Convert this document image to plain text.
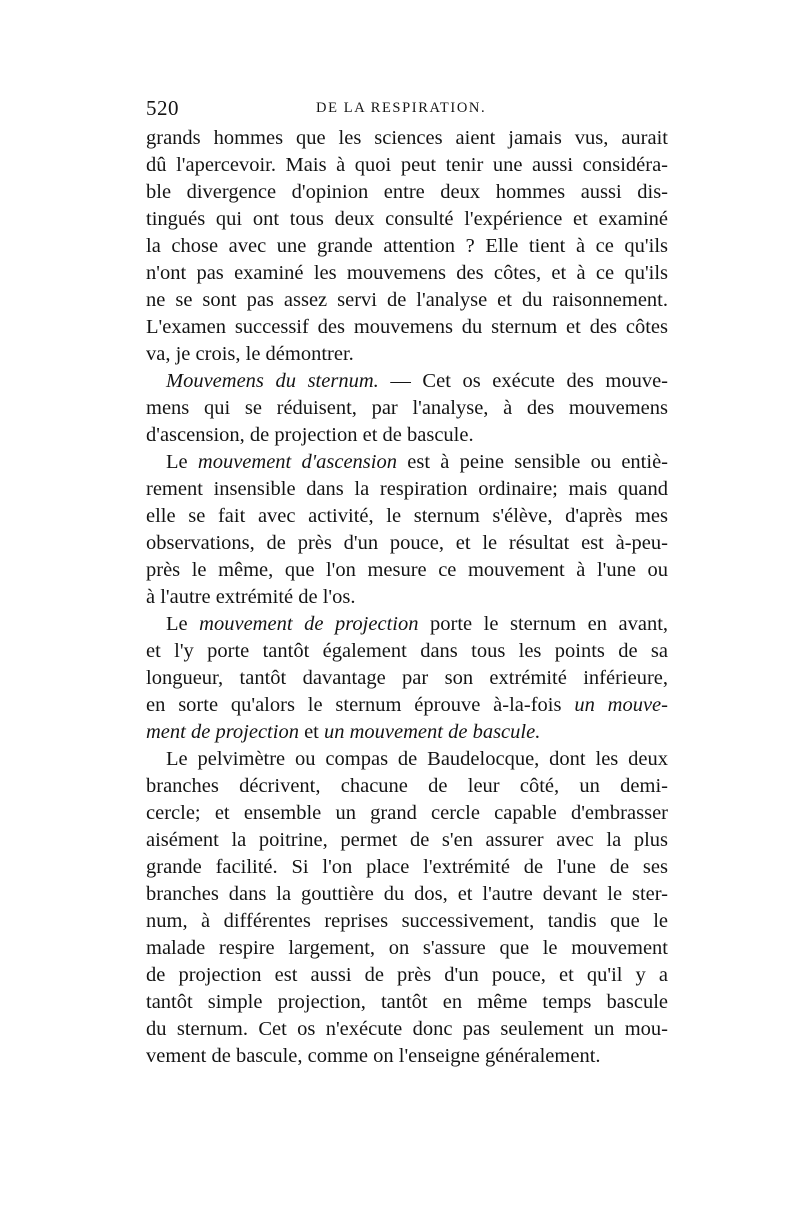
520	DE LA RESPIRATION.
grands hommes que les sciences aient jamais vus, aurait
dû l'apercevoir. Mais à quoi peut tenir une aussi considéra-
ble divergence d'opinion entre deux hommes aussi dis-
tingués qui ont tous deux consulté l'expérience et examiné
la chose avec une grande attention ? Elle tient à ce qu'ils
n'ont pas examiné les mouvemens des côtes, et à ce qu'ils
ne se sont pas assez servi de l'analyse et du raisonnement.
L'examen successif des mouvemens du sternum et des côtes
va, je crois, le démontrer.
Mouvemens du sternum. — Cet os exécute des mouve-
mens qui se réduisent, par l'analyse, à des mouvemens
d'ascension, de projection et de bascule.
Le mouvement d'ascension est à peine sensible ou entiè-
rement insensible dans la respiration ordinaire; mais quand
elle se fait avec activité, le sternum s'élève, d'après mes
observations, de près d'un pouce, et le résultat est à-peu-
près le même, que l'on mesure ce mouvement à l'une ou
à l'autre extrémité de l'os.
Le mouvement de projection porte le sternum en avant,
et l'y porte tantôt également dans tous les points de sa
longueur, tantôt davantage par son extrémité inférieure,
en sorte qu'alors le sternum éprouve à-la-fois un mouve-
ment de projection et un mouvement de bascule.
Le pelvimètre ou compas de Baudelocque, dont les deux
branches décrivent, chacune de leur côté, un demi-
cercle; et ensemble un grand cercle capable d'embrasser
aisément la poitrine, permet de s'en assurer avec la plus
grande facilité. Si l'on place l'extrémité de l'une de ses
branches dans la gouttière du dos, et l'autre devant le ster-
num, à différentes reprises successivement, tandis que le
malade respire largement, on s'assure que le mouvement
de projection est aussi de près d'un pouce, et qu'il y a
tantôt simple projection, tantôt en même temps bascule
du sternum. Cet os n'exécute donc pas seulement un mou-
vement de bascule, comme on l'enseigne généralement.
